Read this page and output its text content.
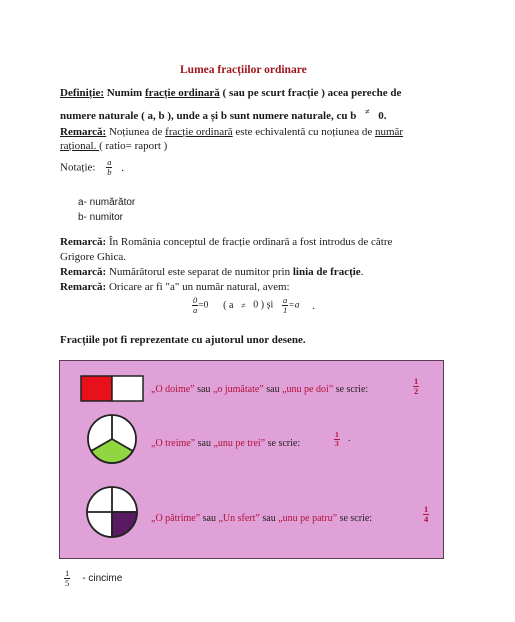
Lumea fracțiilor ordinare
Definiție: Numim fracție ordinară ( sau pe scurt fracție ) acea pereche de
numere naturale ( a, b ), unde a și b sunt numere naturale, cu b ≠ 0.
Remarcă: Noțiunea de fracție ordinară este echivalentă cu noțiunea de număr
rațional. ( ratio= raport )
Notație: $\frac{a}{b}$ .
a- numărător
b- numitor
Remarcă: În România conceptul de fracție ordinară a fost introdus de către
Grigore Ghica.
Remarcă: Numărătorul este separat de numitor prin linia de fracție.
Remarcă: Oricare ar fi "a" un număr natural, avem:
$\frac{0}{a} =0$ ( a ≠ 0 ) și $\frac{a}{1} =a$ .
Fracțiile pot fi reprezentate cu ajutorul unor desene.
„O doime” sau „o jumătate” sau „unu pe doi” se scrie:	$\frac{1}{2}$
„O treime” sau „unu pe trei” se scrie:	$\frac{1}{3}$ .
„O pătrime” sau „Un sfert” sau „unu pe patru” se scrie:	$\frac{1}{4}$
$\frac{1}{5}$ - cincime
